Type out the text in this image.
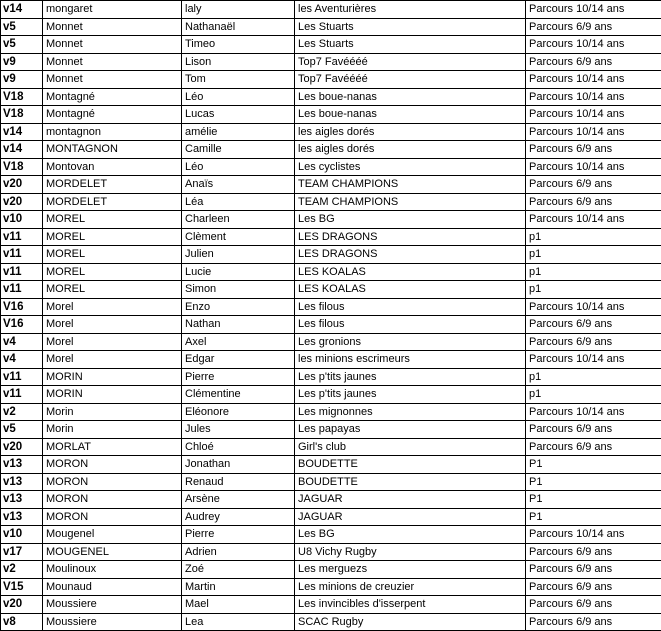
v14	mongaret	laly	les Aventurières	Parcours 10/14 ans
v5	Monnet	Nathanaël	Les Stuarts	Parcours 6/9 ans
v5	Monnet	Timeo	Les Stuarts	Parcours 10/14 ans
v9	Monnet	Lison	Top7 Favéééé	Parcours 6/9 ans
v9	Monnet	Tom	Top7 Favéééé	Parcours 10/14 ans
V18	Montagné	Léo	Les boue-nanas	Parcours 10/14 ans
V18	Montagné	Lucas	Les boue-nanas	Parcours 10/14 ans
v14	montagnon	amélie	les aigles dorés	Parcours 10/14 ans
v14	MONTAGNON	Camille	les aigles dorés	Parcours 6/9 ans
V18	Montovan	Léo	Les cyclistes	Parcours 10/14 ans
v20	MORDELET	Anaïs	TEAM CHAMPIONS	Parcours 6/9 ans
v20	MORDELET	Léa	TEAM CHAMPIONS	Parcours 6/9 ans
v10	MOREL	Charleen	Les BG	Parcours 10/14 ans
v11	MOREL	Clèment	LES DRAGONS	p1
v11	MOREL	Julien	LES DRAGONS	p1
v11	MOREL	Lucie	LES KOALAS	p1
v11	MOREL	Simon	LES KOALAS	p1
V16	Morel	Enzo	Les filous	Parcours 10/14 ans
V16	Morel	Nathan	Les filous	Parcours 6/9 ans
v4	Morel	Axel	Les gronions	Parcours 6/9 ans
v4	Morel	Edgar	les minions escrimeurs	Parcours 10/14 ans
v11	MORIN	Pierre	Les p'tits jaunes	p1
v11	MORIN	Clémentine	Les p'tits jaunes	p1
v2	Morin	Eléonore	Les mignonnes	Parcours 10/14 ans
v5	Morin	Jules	Les papayas	Parcours 6/9 ans
v20	MORLAT	Chloé	Girl's club	Parcours 6/9 ans
v13	MORON	Jonathan	BOUDETTE	P1
v13	MORON	Renaud	BOUDETTE	P1
v13	MORON	Arsène	JAGUAR	P1
v13	MORON	Audrey	JAGUAR	P1
v10	Mougenel	Pierre	Les BG	Parcours 10/14 ans
v17	MOUGENEL	Adrien	U8 Vichy Rugby	Parcours 6/9 ans
v2	Moulinoux	Zoé	Les merguezs	Parcours 6/9 ans
V15	Mounaud	Martin	Les minions de creuzier	Parcours 6/9 ans
v20	Moussiere	Mael	Les invincibles d'isserpent	Parcours 6/9 ans
v8	Moussiere	Lea	SCAC Rugby	Parcours 6/9 ans
